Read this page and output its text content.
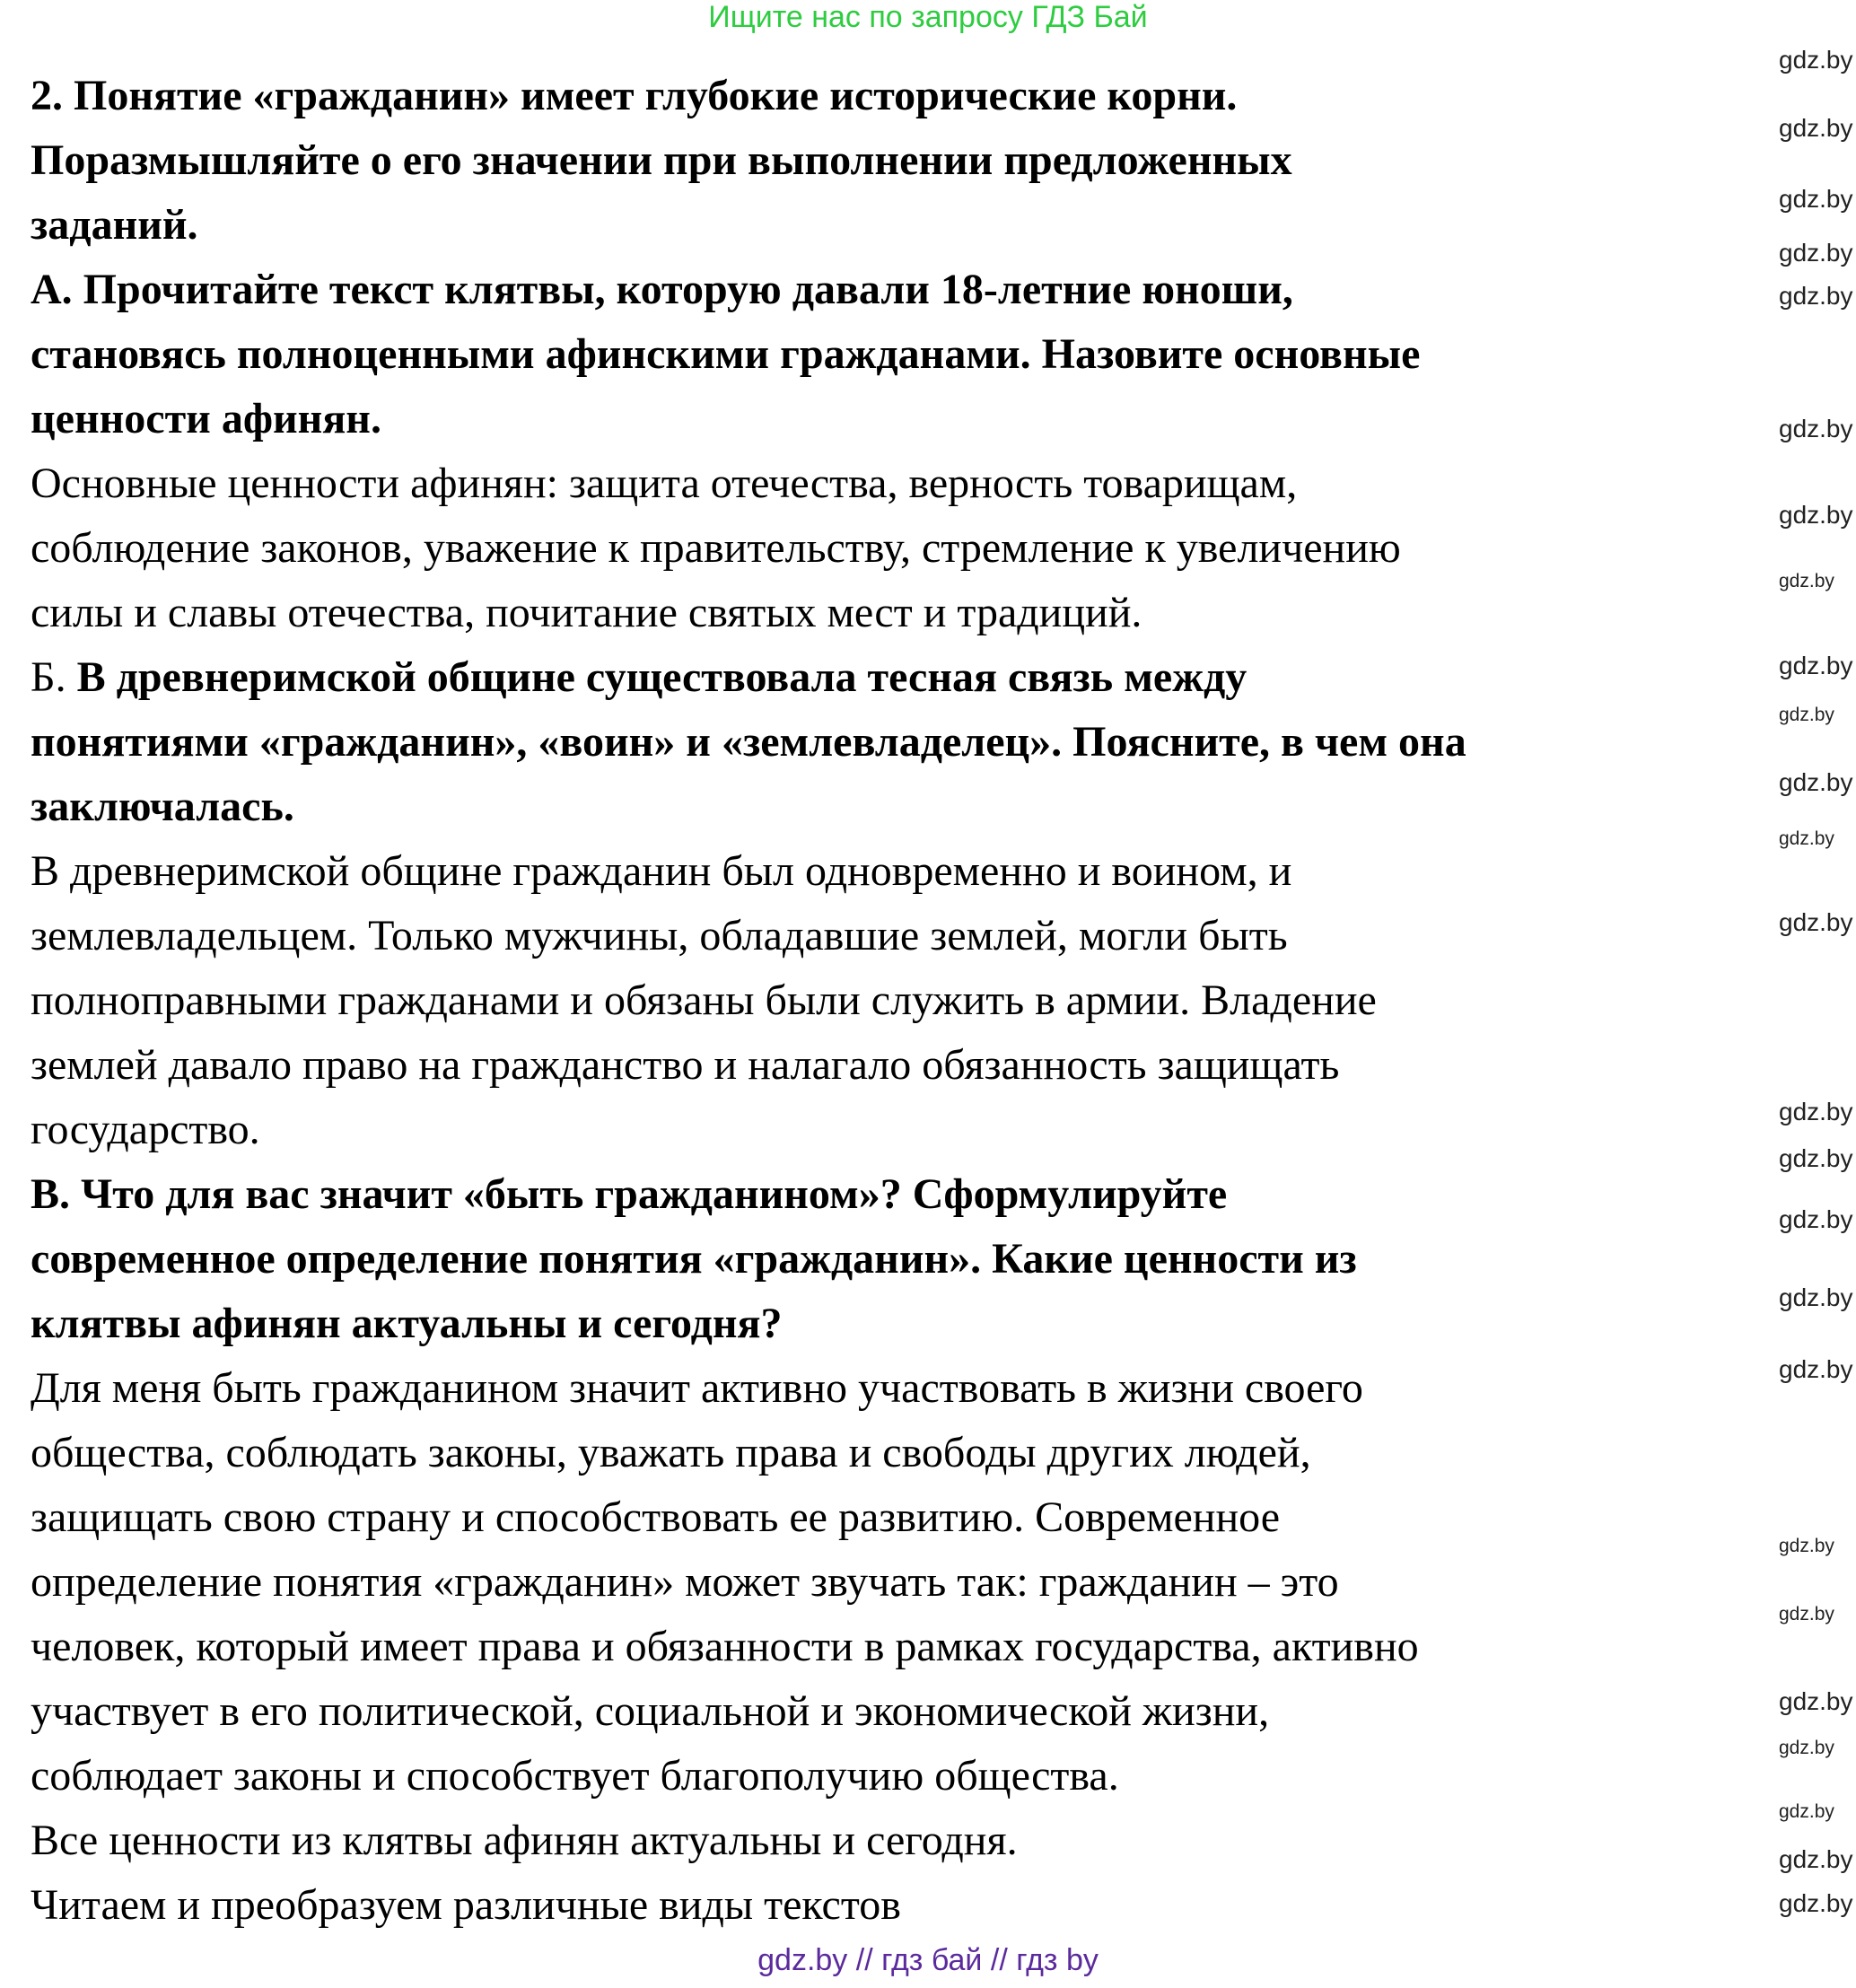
Ищите нас по запросу ГДЗ Бай
2. Понятие «гражданин» имеет глубокие исторические корни.
Поразмышляйте о его значении при выполнении предложенных
заданий.
А. Прочитайте текст клятвы, которую давали 18-летние юноши,
становясь полноценными афинскими гражданами. Назовите основные
ценности афинян.
Основные ценности афинян: защита отечества, верность товарищам,
соблюдение законов, уважение к правительству, стремление к увеличению
силы и славы отечества, почитание святых мест и традиций.
Б. В древнеримской общине существовала тесная связь между
понятиями «гражданин», «воин» и «землевладелец». Поясните, в чем она
заключалась.
В древнеримской общине гражданин был одновременно и воином, и
землевладельцем. Только мужчины, обладавшие землей, могли быть
полноправными гражданами и обязаны были служить в армии. Владение
землей давало право на гражданство и налагало обязанность защищать
государство.
В. Что для вас значит «быть гражданином»? Сформулируйте
современное определение понятия «гражданин». Какие ценности из
клятвы афинян актуальны и сегодня?
Для меня быть гражданином значит активно участвовать в жизни своего
общества, соблюдать законы, уважать права и свободы других людей,
защищать свою страну и способствовать ее развитию. Современное
определение понятия «гражданин» может звучать так: гражданин – это
человек, который имеет права и обязанности в рамках государства, активно
участвует в его политической, социальной и экономической жизни,
соблюдает законы и способствует благополучию общества.
Все ценности из клятвы афинян актуальны и сегодня.
Читаем и преобразуем различные виды текстов
gdz.by
gdz.by
gdz.by
gdz.by
gdz.by
gdz.by
gdz.by
gdz.by
gdz.by
gdz.by
gdz.by
gdz.by
gdz.by
gdz.by
gdz.by
gdz.by
gdz.by
gdz.by
gdz.by
gdz.by
gdz.by
gdz.by
gdz.by
gdz.by
gdz.by
gdz.by // гдз бай // гдз by
